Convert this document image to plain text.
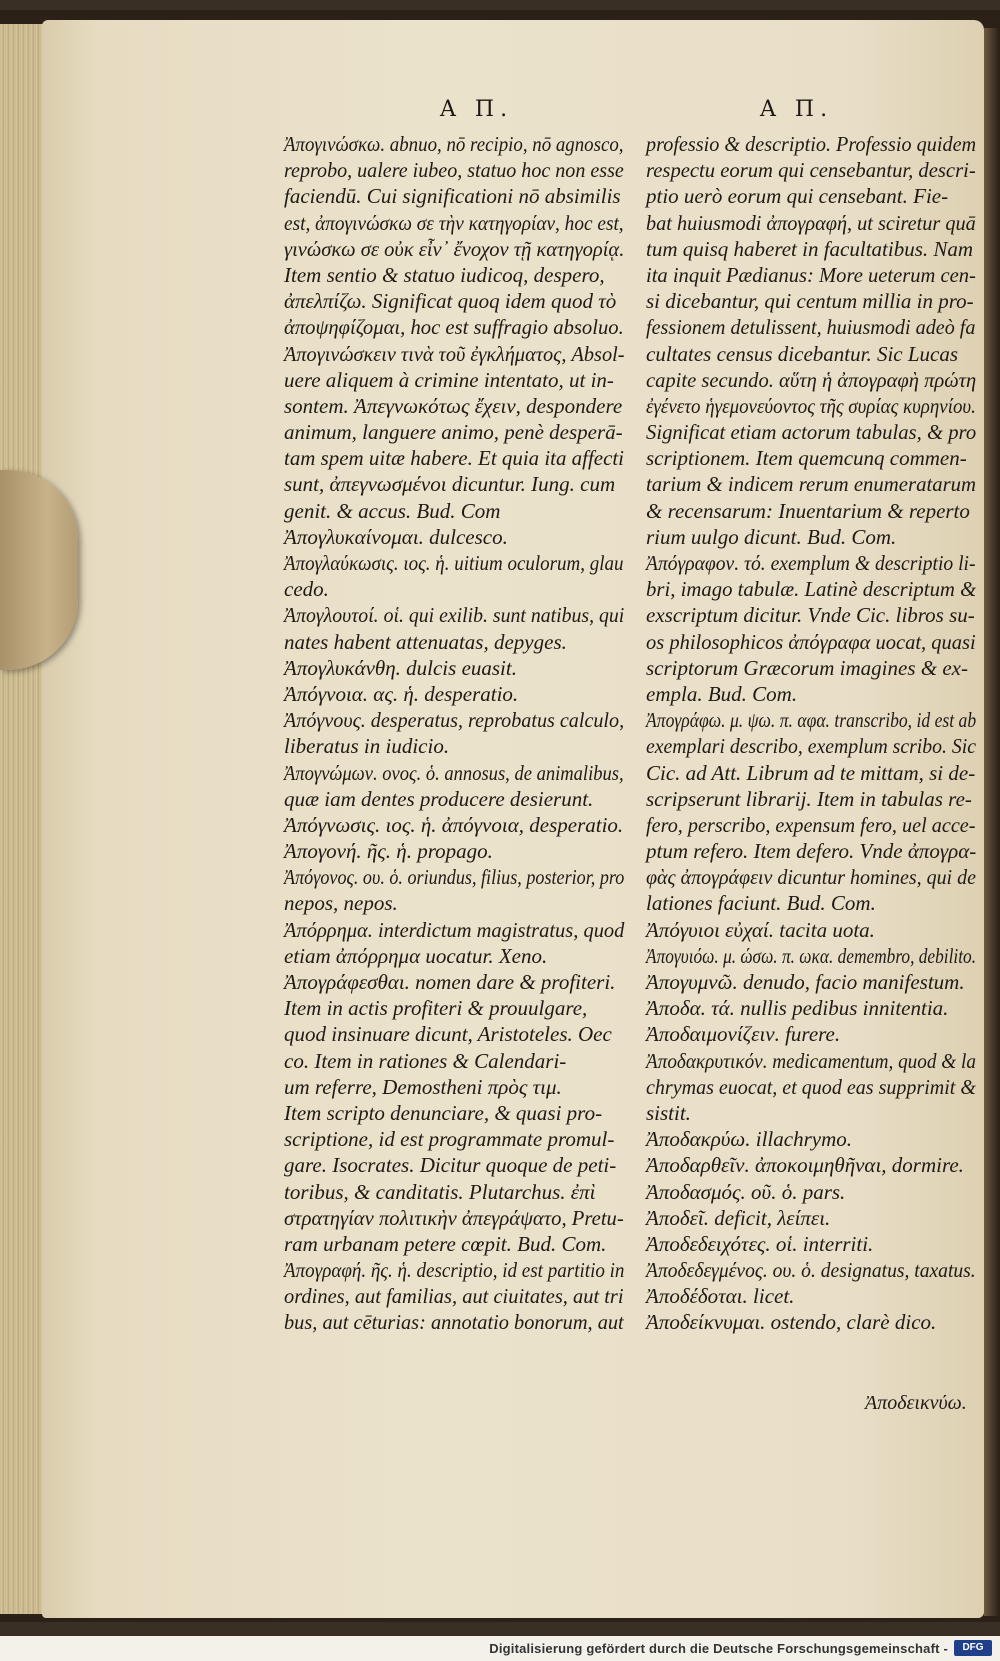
A Π.	A Π.
Ἀπογινώσκω. abnuo, nō recipio, nō agnosco,
reprobo, ualere iubeo, statuo hoc non esse
faciendū. Cui significationi nō absimilis
est, ἀπογινώσκω σε τὴν κατηγορίαν, hoc est,
γινώσκω σε οὐκ εἶν᾽ ἔνοχον τῇ κατηγορίᾳ.
Item sentio & statuo iudicoq, despero,
ἀπελπίζω. Significat quoq idem quod τὸ
ἀποψηφίζομαι, hoc est suffragio absoluo.
Ἀπογινώσκειν τινὰ τοῦ ἐγκλήματος, Absol-
uere aliquem à crimine intentato, ut in-
sontem. Ἀπεγνωκότως ἔχειν, despondere
animum, languere animo, penè desperā-
tam spem uitæ habere. Et quia ita affecti
sunt, ἀπεγνωσμένοι dicuntur. Iung. cum
genit. & accus. Bud. Com
Ἀπογλυκαίνομαι. dulcesco.
Ἀπογλαύκωσις. ιος. ἡ. uitium oculorum, glau
cedo.
Ἀπογλουτοί. οἱ. qui exilib. sunt natibus, qui
nates habent attenuatas, depyges.
Ἀπογλυκάνθη. dulcis euasit.
Ἀπόγνοια. ας. ἡ. desperatio.
Ἀπόγνους. desperatus, reprobatus calculo,
liberatus in iudicio.
Ἀπογνώμων. ονος. ὁ. annosus, de animalibus,
quæ iam dentes producere desierunt.
Ἀπόγνωσις. ιος. ἡ. ἀπόγνοια, desperatio.
Ἀπογονή. ῆς. ἡ. propago.
Ἀπόγονος. ου. ὁ. oriundus, filius, posterior, pro
nepos, nepos.
Ἀπόρρημα. interdictum magistratus, quod
etiam ἀπόρρημα uocatur. Xeno.
Ἀπογράφεσθαι. nomen dare & profiteri.
Item in actis profiteri & prouulgare,
quod insinuare dicunt, Aristoteles. Oec
co. Item in rationes & Calendari-
um referre, Demostheni πρὸς τιμ.
Item scripto denunciare, & quasi pro-
scriptione, id est programmate promul-
gare. Isocrates. Dicitur quoque de peti-
toribus, & canditatis. Plutarchus. ἐπὶ
στρατηγίαν πολιτικὴν ἀπεγράψατο, Pretu-
ram urbanam petere cœpit. Bud. Com.
Ἀπογραφή. ῆς. ἡ. descriptio, id est partitio in
ordines, aut familias, aut ciuitates, aut tri
bus, aut cēturias: annotatio bonorum, aut
professio & descriptio. Professio quidem
respectu eorum qui censebantur, descri-
ptio uerò eorum qui censebant. Fie-
bat huiusmodi ἀπογραφή, ut sciretur quā
tum quisq haberet in facultatibus. Nam
ita inquit Pædianus: More ueterum cen-
si dicebantur, qui centum millia in pro-
fessionem detulissent, huiusmodi adeò fa
cultates census dicebantur. Sic Lucas
capite secundo. αὕτη ἡ ἀπογραφὴ πρώτη
ἐγένετο ἡγεμονεύοντος τῆς συρίας κυρηνίου.
Significat etiam actorum tabulas, & pro
scriptionem. Item quemcunq commen-
tarium & indicem rerum enumeratarum
& recensarum: Inuentarium & reperto
rium uulgo dicunt. Bud. Com.
Ἀπόγραφον. τό. exemplum & descriptio li-
bri, imago tabulæ. Latinè descriptum &
exscriptum dicitur. Vnde Cic. libros su-
os philosophicos ἀπόγραφα uocat, quasi
scriptorum Græcorum imagines & ex-
empla. Bud. Com.
Ἀπογράφω. μ. ψω. π. αφα. transcribo, id est ab
exemplari describo, exemplum scribo. Sic
Cic. ad Att. Librum ad te mittam, si de-
scripserunt librarij. Item in tabulas re-
fero, perscribo, expensum fero, uel acce-
ptum refero. Item defero. Vnde ἀπογρα-
φὰς ἀπογράφειν dicuntur homines, qui de
lationes faciunt. Bud. Com.
Ἀπόγυιοι εὐχαί. tacita uota.
Ἀπογυιόω. μ. ώσω. π. ωκα. demembro, debilito.
Ἀπογυμνῶ. denudo, facio manifestum.
Ἀποδα. τά. nullis pedibus innitentia.
Ἀποδαιμονίζειν. furere.
Ἀποδακρυτικόν. medicamentum, quod & la
chrymas euocat, et quod eas supprimit &
sistit.
Ἀποδακρύω. illachrymo.
Ἀποδαρθεῖν. ἀποκοιμηθῆναι, dormire.
Ἀποδασμός. οῦ. ὁ. pars.
Ἀποδεῖ. deficit, λείπει.
Ἀποδεδειχότες. οἱ. interriti.
Ἀποδεδεγμένος. ου. ὁ. designatus, taxatus.
Ἀποδέδοται. licet.
Ἀποδείκνυμαι. ostendo, clarè dico.
Ἀποδεικνύω.
Digitalisierung gefördert durch die Deutsche Forschungsgemeinschaft -	DFG
